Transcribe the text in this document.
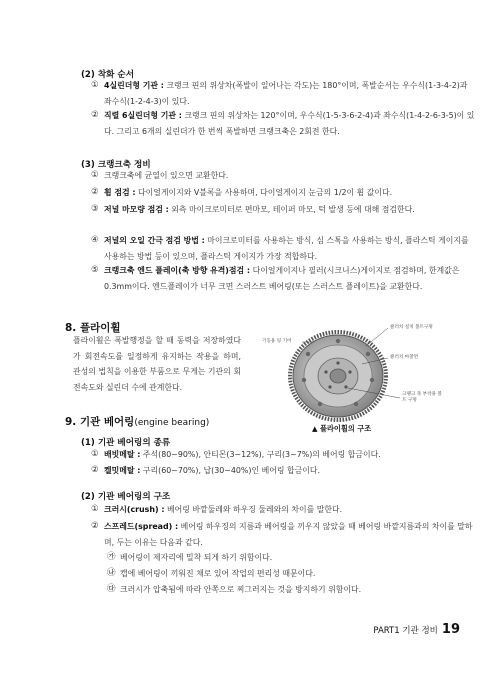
(2) 착화 순서
① 4실린더형 기관 : 크랭크 핀의 위상차(폭발이 일어나는 각도)는 180°이며, 폭발순서는 우수식(1-3-4-2)과 좌수식(1-2-4-3)이 있다.
② 직렬 6실린더형 기관 : 크랭크 핀의 위상차는 120°이며, 우수식(1-5-3-6-2-4)과 좌수식(1-4-2-6-3-5)이 있다. 그리고 6개의 실린더가 한 번씩 폭발하면 크랭크축은 2회전 한다.
(3) 크랭크축 정비
① 크랭크축에 균열이 있으면 교환한다.
② 휨 점검 : 다이얼게이지와 V블록을 사용하며, 다이얼게이지 눈금의 1/2이 휨 값이다.
③ 저널 마모량 점검 : 외측 마이크로미터로 편마모, 테이퍼 마모, 턱 발생 등에 대해 점검한다.
④ 저널의 오일 간극 점검 방법 : 마이크로미터를 사용하는 방식, 심 스톡을 사용하는 방식, 플라스틱 게이지를 사용하는 방법 등이 있으며, 플라스틱 게이지가 가장 적합하다.
⑤ 크랭크축 엔드 플레이(축 방향 유격)점검 : 다이얼게이지나 필러(시크니스)게이지로 점검하며, 한계값은 0.3mm이다. 엔드플레이가 너무 크면 스러스트 베어링(또는 스러스트 플레이트)을 교환한다.
8. 플라이휠
플라이휠은 폭발행정을 할 때 동력을 저장하였다가 회전속도를 일정하게 유지하는 작용을 하며, 관성의 법칙을 이용한 부품으로 무게는 기관의 회전속도와 실린더 수에 관계한다.
기동용 링 기어
클러치 설치 볼트구멍
클러치 마찰면
크랭크 축 부착용 볼트 구멍
▲ 플라이휠의 구조
9. 기관 베어링(engine bearing)
(1) 기관 베어링의 종류
① 배빗메탈 : 주석(80~90%), 안티몬(3~12%), 구리(3~7%)의 베어링 합금이다.
② 켈밋메탈 : 구리(60~70%), 납(30~40%)인 베어링 합금이다.
(2) 기관 베어링의 구조
① 크러시(crush) : 베어링 바깥둘레와 하우징 둘레와의 차이를 말한다.
② 스프레드(spread) : 베어링 하우징의 지름과 베어링을 끼우지 않았을 때 베어링 바깥지름과의 차이를 말하며, 두는 이유는 다음과 같다.
㉮ 베어링이 제자리에 밀착 되게 하기 위함이다.
㉯ 캡에 베어링이 끼워진 채로 있어 작업의 편리성 때문이다.
㉰ 크러시가 압축됨에 따라 안쪽으로 찌그러지는 것을 방지하기 위함이다.
PART1 기관 정비 19
